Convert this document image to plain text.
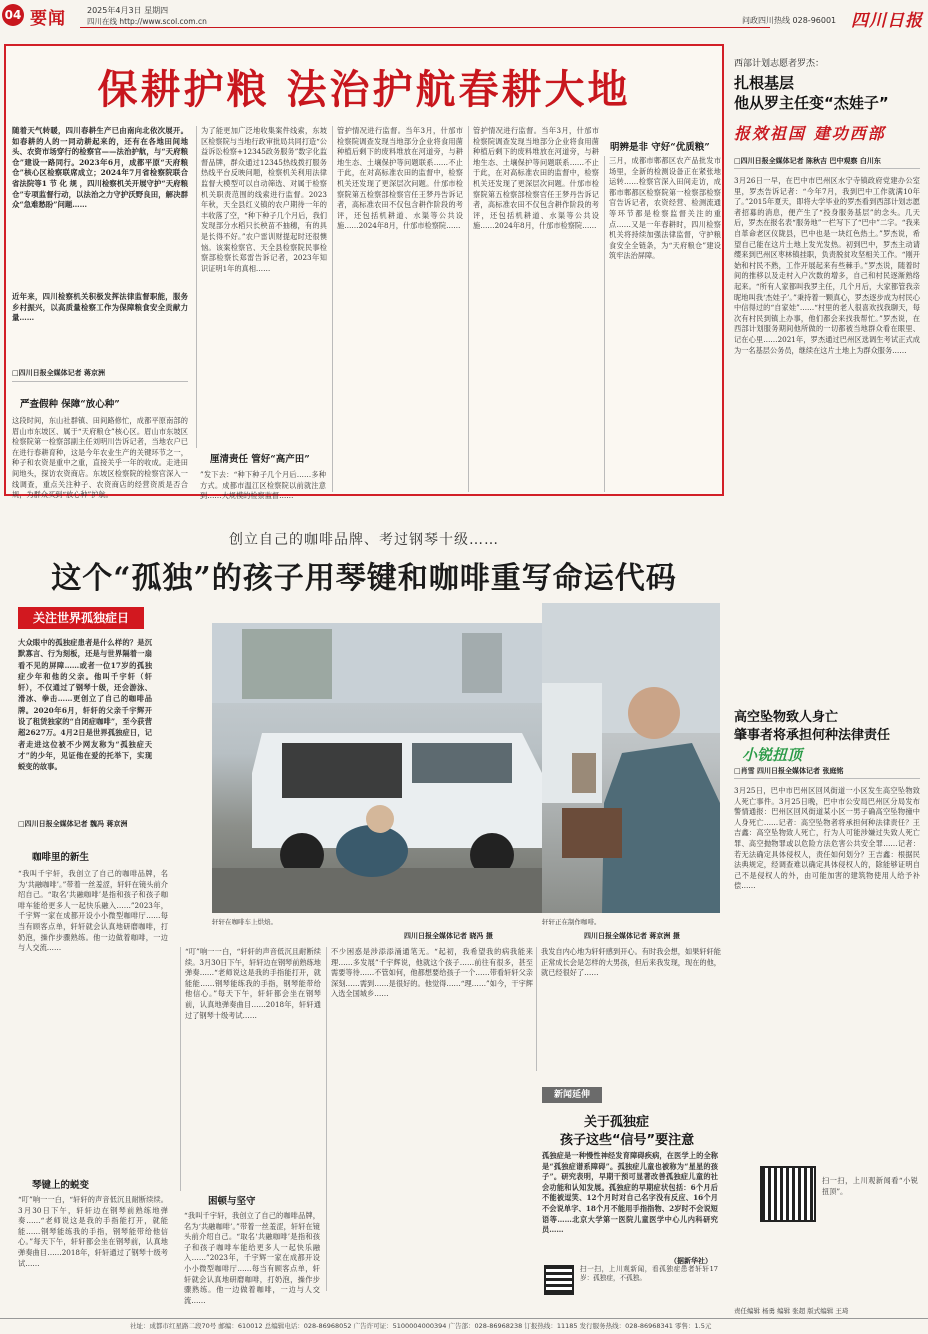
04 要闻	2025年4月3日 星期四
四川在线 http://www.scol.com.cn	问政四川热线 028-96001 四川日报
保耕护粮 法治护航春耕大地
随着天气转暖，四川春耕生产已由南向北依次展开。如春耕的人的一同动耕起来的，还有在各地田间地头、农资市场穿行的检察官——法治护航，与“天府粮仓”建设一路同行。2023年6月，成都平原“天府粮仓”核心区检察联席成立；2024年7月省检察院联合省法院等1 节 化 规 ，四川检察机关开展守护“天府粮仓”专项监督行动，以法治之力守护沃野良田，解决群众“急难愁盼”问题……
近年来，四川检察机关积极发挥法律监督职能，服务乡村振兴，以高质量检察工作为保障粮食安全贡献力量……
□四川日报全媒体记者 蒋京洲
严查假种 保障“放心种”
这段时间，东山社群镇、田间路修忙，成都平原南部的眉山市东坡区、属于“天府粮仓”核心区。眉山市东坡区检察院第一检察部副主任刘明川告诉记者，当地农户已在进行春耕育种，这是今年农业生产的关键环节之一，种子和农资是重中之重，直接关乎一年的收成。走进田间地头，探访农资商店。东坡区检察院的检察官深入一线调查，重点关注种子、农资商店的经营资质是否合规，为群众买到“放心种”护航。
为了能更加广泛地收集案件线索，东坡区检察院与当地行政审批局共同打造“公益诉讼检察+12345政务服务”数字化监督品牌，群众通过12345热线拨打服务热线平台反映问题，检察机关利用法律监督大模型可以自动筛选、对属于检察机关职责范围的线索进行监督。2023年秋，天全县红义镇的农户期待一年的丰收落了空，“种下种子几个月后，我们发现部分水稻只长秧苗不抽穗，有的具是长得不好。”农户雷训财提起时还很懊恼。该案检察官、天全县检察院民事检察部检察长郑雷告诉记者，2023年知识证明1年的真相……
厘清责任 管好“高产田”
”发下去：“种下种子几个月后……多种方式。成都市温江区检察院以前就注意到……大规模的检察监督……
管护情况进行监督。当年3月，什邡市检察院调查发现当地部分企业将食用菌种植后剩下的废料堆放在河道旁，与耕地生态、土壤保护等问题联系……不止于此，在对高标准农田的监督中，检察机关还发现了更深层次问题。什邡市检察院第五检察部检察官任王梦丹告诉记者，高标准农田不仅包含耕作阶段的考评，还包括机耕道、水渠等公共设施……2024年8月，什邡市检察院……
管护情况进行监督。当年3月，什邡市检察院调查发现当地部分企业将食用菌种植后剩下的废料堆放在河道旁，与耕地生态、土壤保护等问题联系……不止于此，在对高标准农田的监督中，检察机关还发现了更深层次问题。什邡市检察院第五检察部检察官任王梦丹告诉记者，高标准农田不仅包含耕作阶段的考评，还包括机耕道、水渠等公共设施……2024年8月，什邡市检察院……
明辨是非 守好“优质粮”
三月，成都市郫都区农产品批发市场里，全新的检测设备正在紧张地运转……检察官深入田间走访，成都市郫都区检察院第一检察部检察官告诉记者，农资经营、检测流通等环节都是检察监督关注的重点……又是一年春耕时，四川检察机关将持续加强法律监督，守护粮食安全全链条，为“天府粮仓”建设筑牢法治屏障。
西部计划志愿者罗杰：
扎根基层
他从罗主任变“杰娃子”
报效祖国 建功西部
□四川日报全媒体记者 陈秋吉 巴中观察 白川东
3月26日一早，在巴中市巴州区水宁寺镇政府党建办公室里，罗杰告诉记者：“今年7月，我到巴中工作就满10年了。”2015年夏天，即将大学毕业的罗杰看到西部计划志愿者招募的消息，便产生了“投身服务基层”的念头。几天后，罗杰在报名表“服务地”一栏写下了“巴中”二字。“我来自革命老区仪陇县，巴中也是一块红色热土。”罗杰说，希望自己能在这片土地上发光发热。初到巴中，罗杰主动请缨来到巴州区枣林镇挂职，负责脱贫攻坚相关工作。“刚开始和村民不熟，工作开展起来有些棘手。”罗杰说，随着时间的推移以及走村入户次数的增多，自己和村民逐渐熟络起来。“所有人家都叫我罗主任，几个月后，大家都管我亲昵地叫我‘杰娃子’。”秉持着一颗真心，罗杰逐步成为村民心中信得过的“自家娃”……“村里的老人很喜欢找我聊天，每次有村民到镇上办事，他们都会来找我帮忙。”罗杰说，在西部计划服务期间他所做的一切都被当地群众看在眼里、记在心里……2021年，罗杰通过巴州区选调生考试正式成为一名基层公务员，继续在这片土地上为群众服务……
高空坠物致人身亡
肇事者将承担何种法律责任
小锐扭顶
□肖雪 四川日报全媒体记者 张庭铭
3月25日，巴中市巴州区回风街道一小区发生高空坠物致人死亡事件。3月25日晚，巴中市公安局巴州区分局发布警情通报：巴州区回风街道某小区一男子确高空坠物撞中人身死亡……记者：高空坠物者将承担何种法律责任？王吉鑫：高空坠物致人死亡，行为人可能涉嫌过失致人死亡罪、高空抛物罪或以危险方法危害公共安全罪……记者：若无法确定具体侵权人，责任如何划分？王吉鑫：根据民法典规定，经调查难以确定具体侵权人的，除能够证明自己不是侵权人的外，由可能加害的建筑物使用人给予补偿……
扫一扫，上川观新闻看“小锐扭顶”。
创立自己的咖啡品牌、考过钢琴十级……
这个“孤独”的孩子用琴键和咖啡重写命运代码
关注世界孤独症日
大众眼中的孤独症患者是什么样的？是沉默寡言、行为刻板，还是与世界隔着一扇看不见的屏障……或者一位17岁的孤独症少年和他的父亲。他叫千宇轩（轩轩），不仅通过了钢琴十级，还会游泳、滑冰、拳击……更创立了自己的咖啡品牌。2020年6月，轩轩的父亲千宇辉开设了租赁独家的“自闭症咖啡”，至今获营超2627万。4月2日是世界孤独症日，记者走进这位被不少网友称为“孤独症天才”的少年，见证他在爱的托举下，实现蜕变的故事。
□四川日报全媒体记者 魏冯 蒋京洲
轩轩在咖啡车上烘焙。
四川日报全媒体记者 晓冯 摄
轩轩正在制作咖啡。
四川日报全媒体记者 蒋京洲 摄
咖啡里的新生
“我叫千宇轩，我创立了自己的咖啡品牌，名为‘共融咖啡’。”带着一丝羞涩，轩轩在镜头前介绍自己。“取名‘共融咖啡’是指和孩子和孩子咖啡车能给更多人一起快乐融入……”2023年，千宇辉一家在成都开设小小微型咖啡厅……每当有顾客点单，轩轩就会认真地研磨咖啡，打奶泡，操作步骤熟练。他一边做着咖啡，一边与人交流……
琴键上的蜕变
“叮”响一一白，“轩轩的声音低沉且耐断续续。3月30日下午，轩轩边在钢琴前熟练地弹奏……“老师说这是我的手指能打开，就能能……钢琴能练我的手指，钢琴能带给他信心。”每天下午，轩轩都会坐在钢琴前，认真地弹奏曲目……2018年，轩轩通过了钢琴十级考试……
“叮”响一一白，“轩轩的声音低沉且耐断续续。3月30日下午，轩轩边在钢琴前熟练地弹奏……“老师说这是我的手指能打开，就能能……钢琴能练我的手指，钢琴能带给他信心。”每天下午，轩轩都会坐在钢琴前，认真地弹奏曲目……2018年，轩轩通过了钢琴十级考试……
困顿与坚守
“我叫千宇轩，我创立了自己的咖啡品牌，名为‘共融咖啡’。”带着一丝羞涩，轩轩在镜头前介绍自己。“取名‘共融咖啡’是指和孩子和孩子咖啡车能给更多人一起快乐融入……”2023年，千宇辉一家在成都开设小小微型咖啡厅……每当有顾客点单，轩轩就会认真地研磨咖啡，打奶泡，操作步骤熟练。他一边做着咖啡，一边与人交流……
不少困惑是涉添添涌通笔无。“起初，我希望我的病我能来理……多发展”千宇辉说，他就这个孩子……前往有很多，甚至需要等待……不管如何，他都想要给孩子一个……带看轩轩父亲深刻……需到……是很好的。他觉得……“理……”如今，干宇辉入选全国城乡……
我发自内心地为轩轩感到开心。有时我会想，如果轩轩能正常成长会是怎样的大男孩，但后来我发现，现在的他，就已经很好了……
新闻延伸
关于孤独症
孩子这些“信号”要注意
孤独症是一种慢性神经发育障碍疾病，在医学上的全称是“孤独症谱系障碍”。孤独症儿童也被称为“星星的孩子”。研究表明，早期干预可显著改善孤独症儿童的社会功能和认知发展。孤独症的早期症状包括：6个月后不能被逗笑、12个月时对自己名字没有反应、16个月不会说单字、18个月不能用手指指物、2岁时不会说短语等……北京大学第一医院儿童医学中心儿内科研究员……
（据新华社）
扫一扫，上川观新闻，看孤独症患者轩轩17岁：孤独症，不孤独。
责任编辑 杨勇 编辑 张超 版式编辑 王琦
社址：成都市红星路二段70号 邮编：610012 总编辑电话：028-86968052 广告许可证：5100004000394 广告部：028-86968238 订报热线：11185 发行服务热线：028-86968341 零售：1.5元
